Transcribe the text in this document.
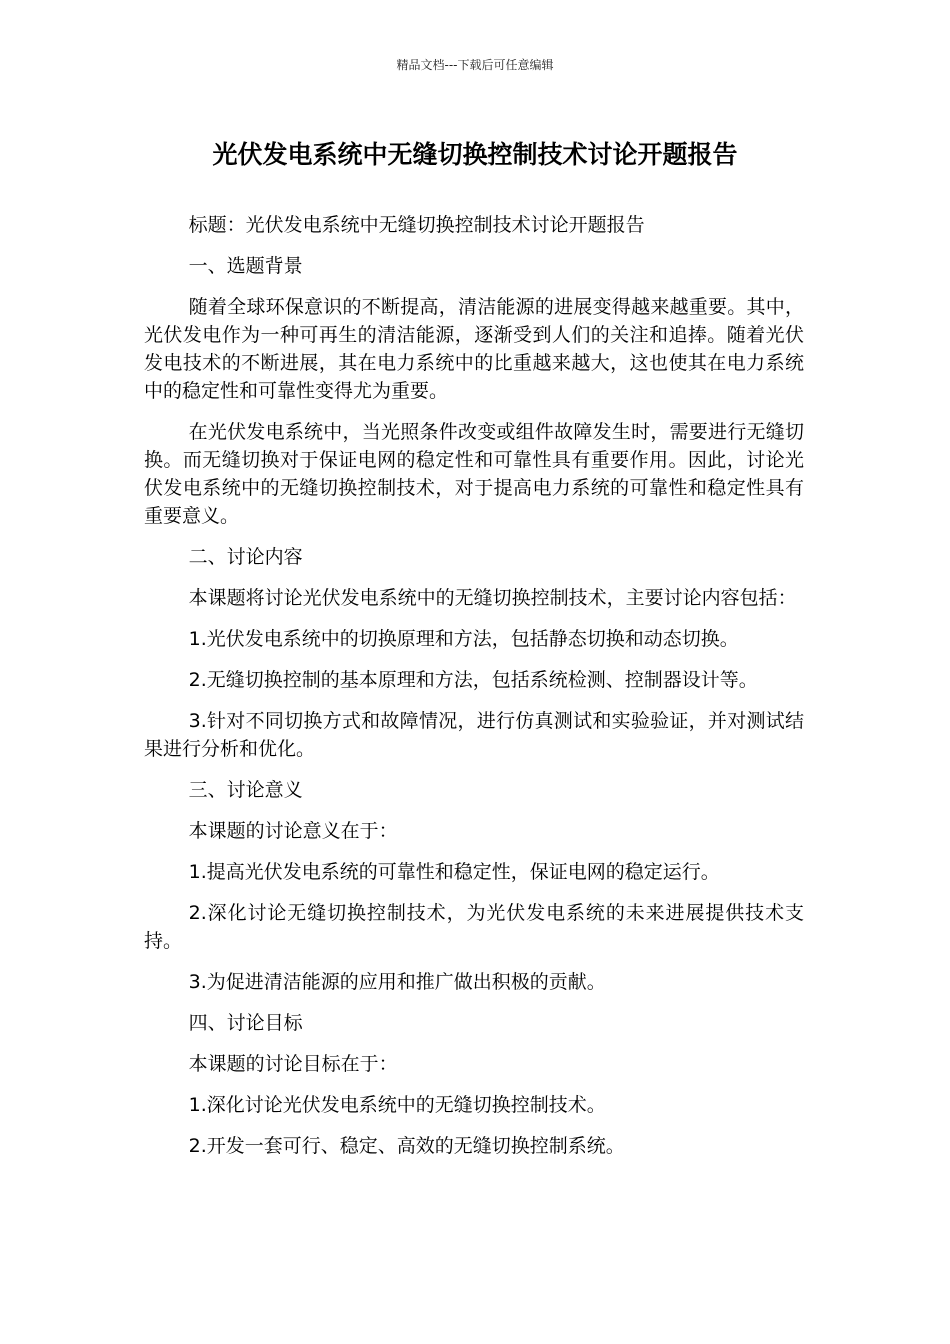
精品文档---下载后可任意编辑
光伏发电系统中无缝切换控制技术讨论开题报告

标题：光伏发电系统中无缝切换控制技术讨论开题报告

一、选题背景

随着全球环保意识的不断提高，清洁能源的进展变得越来越重要。其中，光伏发电作为一种可再生的清洁能源，逐渐受到人们的关注和追捧。随着光伏发电技术的不断进展，其在电力系统中的比重越来越大，这也使其在电力系统中的稳定性和可靠性变得尤为重要。

在光伏发电系统中，当光照条件改变或组件故障发生时，需要进行无缝切换。而无缝切换对于保证电网的稳定性和可靠性具有重要作用。因此，讨论光伏发电系统中的无缝切换控制技术，对于提高电力系统的可靠性和稳定性具有重要意义。

二、讨论内容

本课题将讨论光伏发电系统中的无缝切换控制技术，主要讨论内容包括：

1.光伏发电系统中的切换原理和方法，包括静态切换和动态切换。

2.无缝切换控制的基本原理和方法，包括系统检测、控制器设计等。

3.针对不同切换方式和故障情况，进行仿真测试和实验验证，并对测试结果进行分析和优化。

三、讨论意义

本课题的讨论意义在于：

1.提高光伏发电系统的可靠性和稳定性，保证电网的稳定运行。

2.深化讨论无缝切换控制技术，为光伏发电系统的未来进展提供技术支持。

3.为促进清洁能源的应用和推广做出积极的贡献。

四、讨论目标

本课题的讨论目标在于：

1.深化讨论光伏发电系统中的无缝切换控制技术。

2.开发一套可行、稳定、高效的无缝切换控制系统。
